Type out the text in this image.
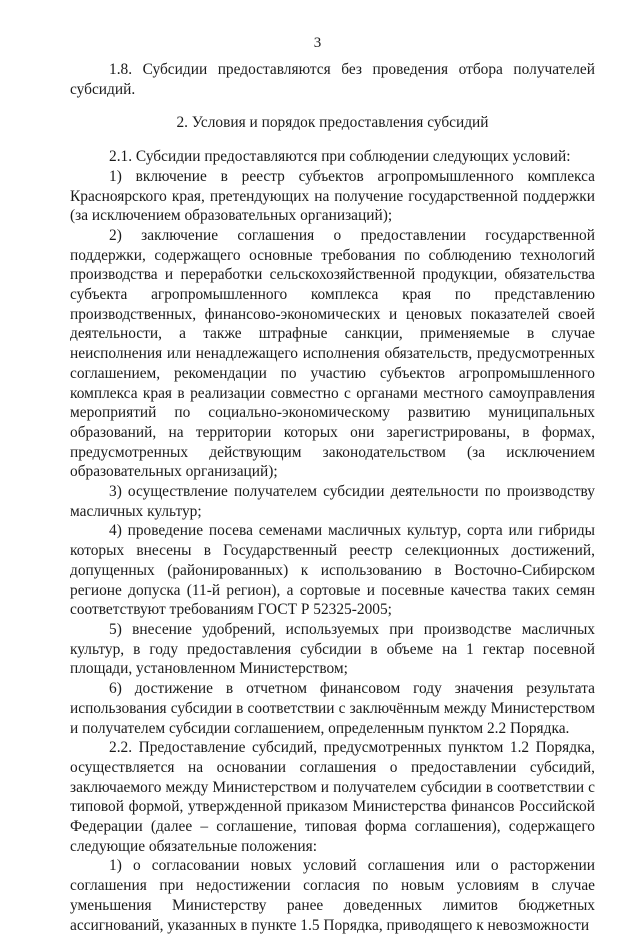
3

1.8. Субсидии предоставляются без проведения отбора получателей субсидий.

2. Условия и порядок предоставления субсидий

2.1. Субсидии предоставляются при соблюдении следующих условий:

1) включение в реестр субъектов агропромышленного комплекса Красноярского края, претендующих на получение государственной поддержки (за исключением образовательных организаций);

2) заключение соглашения о предоставлении государственной поддержки, содержащего основные требования по соблюдению технологий производства и переработки сельскохозяйственной продукции, обязательства субъекта агропромышленного комплекса края по представлению производственных, финансово-экономических и ценовых показателей своей деятельности, а также штрафные санкции, применяемые в случае неисполнения или ненадлежащего исполнения обязательств, предусмотренных соглашением, рекомендации по участию субъектов агропромышленного комплекса края в реализации совместно с органами местного самоуправления мероприятий по социально-экономическому развитию муниципальных образований, на территории которых они зарегистрированы, в формах, предусмотренных действующим законодательством (за исключением образовательных организаций);

3) осуществление получателем субсидии деятельности по производству масличных культур;

4) проведение посева семенами масличных культур, сорта или гибриды которых внесены в Государственный реестр селекционных достижений, допущенных (районированных) к использованию в Восточно-Сибирском регионе допуска (11-й регион), а сортовые и посевные качества таких семян соответствуют требованиям ГОСТ Р 52325-2005;

5) внесение удобрений, используемых при производстве масличных культур, в году предоставления субсидии в объеме на 1 гектар посевной площади, установленном Министерством;

6) достижение в отчетном финансовом году значения результата использования субсидии в соответствии с заключённым между Министерством и получателем субсидии соглашением, определенным пунктом 2.2 Порядка.

2.2. Предоставление субсидий, предусмотренных пунктом 1.2 Порядка, осуществляется на основании соглашения о предоставлении субсидий, заключаемого между Министерством и получателем субсидии в соответствии с типовой формой, утвержденной приказом Министерства финансов Российской Федерации (далее – соглашение, типовая форма соглашения), содержащего следующие обязательные положения:

1) о согласовании новых условий соглашения или о расторжении соглашения при недостижении согласия по новым условиям в случае уменьшения Министерству ранее доведенных лимитов бюджетных ассигнований, указанных в пункте 1.5 Порядка, приводящего к невозможности
